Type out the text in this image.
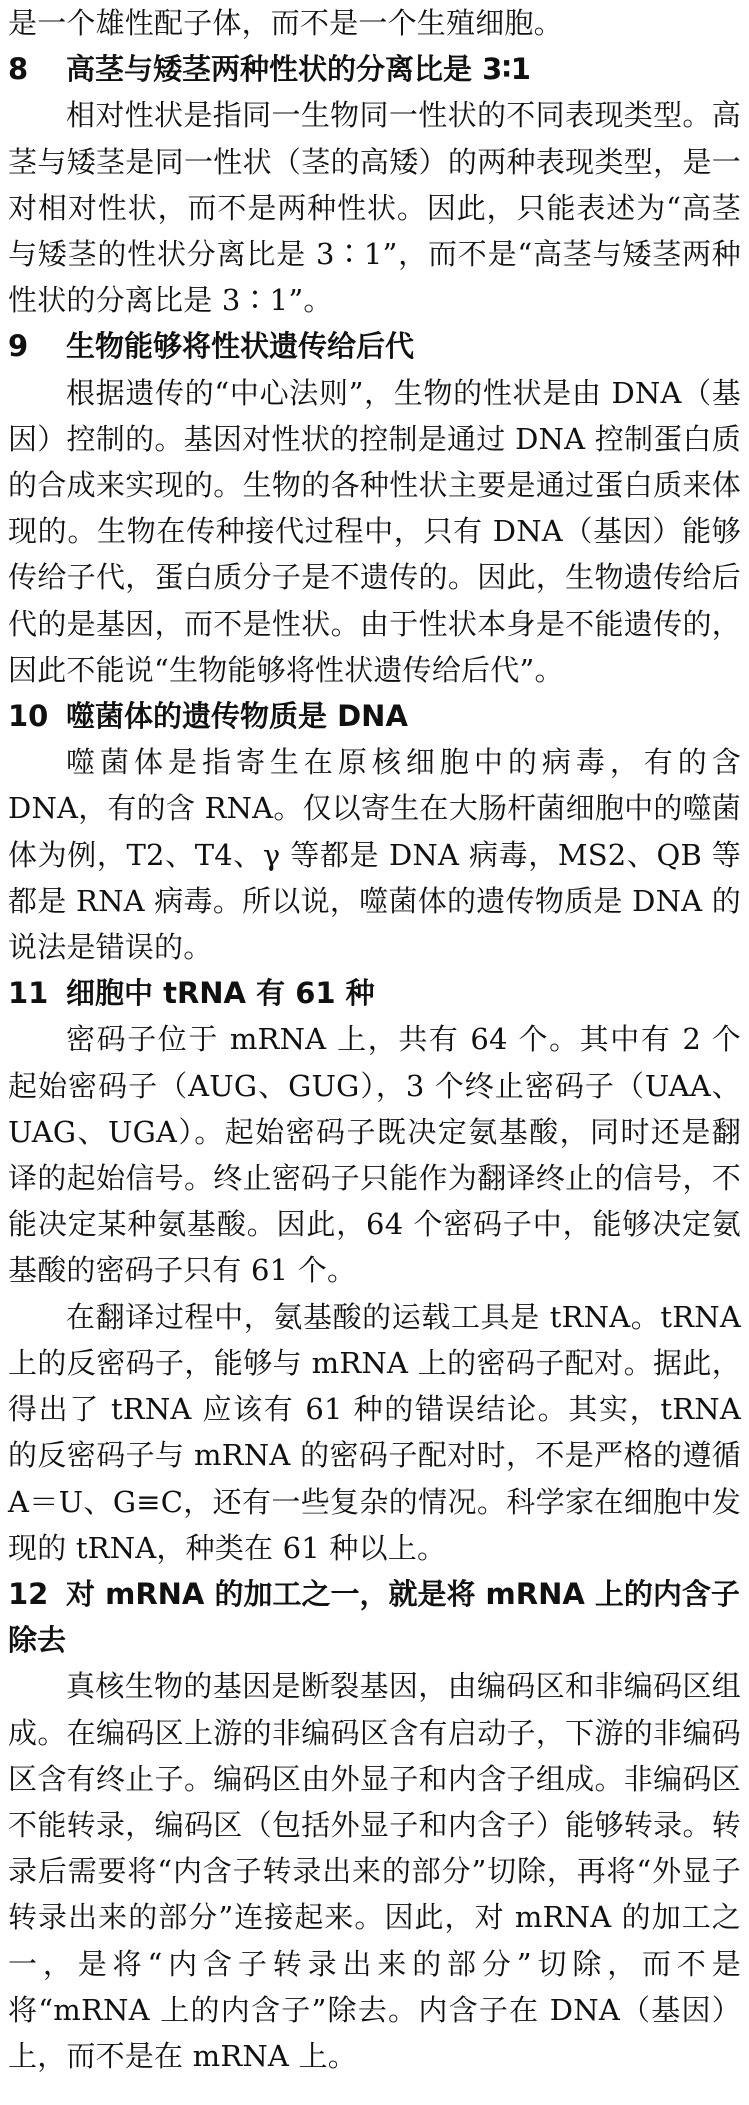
是一个雄性配子体，而不是一个生殖细胞。

8 高茎与矮茎两种性状的分离比是 3∶1

相对性状是指同一生物同一性状的不同表现类型。高茎与矮茎是同一性状（茎的高矮）的两种表现类型，是一对相对性状，而不是两种性状。因此，只能表述为“高茎与矮茎的性状分离比是 3∶1”，而不是“高茎与矮茎两种性状的分离比是 3∶1”。

9 生物能够将性状遗传给后代

根据遗传的“中心法则”，生物的性状是由 DNA（基因）控制的。基因对性状的控制是通过 DNA 控制蛋白质的合成来实现的。生物的各种性状主要是通过蛋白质来体现的。生物在传种接代过程中，只有 DNA（基因）能够传给子代，蛋白质分子是不遗传的。因此，生物遗传给后代的是基因，而不是性状。由于性状本身是不能遗传的，因此不能说“生物能够将性状遗传给后代”。

10 噬菌体的遗传物质是 DNA

噬菌体是指寄生在原核细胞中的病毒，有的含 DNA，有的含 RNA。仅以寄生在大肠杆菌细胞中的噬菌体为例，T2、T4、γ 等都是 DNA 病毒，MS2、QB 等都是 RNA 病毒。所以说，噬菌体的遗传物质是 DNA 的说法是错误的。

11 细胞中 tRNA 有 61 种

密码子位于 mRNA 上，共有 64 个。其中有 2 个起始密码子（AUG、GUG），3 个终止密码子（UAA、UAG、UGA）。起始密码子既决定氨基酸，同时还是翻译的起始信号。终止密码子只能作为翻译终止的信号，不能决定某种氨基酸。因此，64 个密码子中，能够决定氨基酸的密码子只有 61 个。

在翻译过程中，氨基酸的运载工具是 tRNA。tRNA 上的反密码子，能够与 mRNA 上的密码子配对。据此，得出了 tRNA 应该有 61 种的错误结论。其实，tRNA 的反密码子与 mRNA 的密码子配对时，不是严格的遵循 A＝U、G≡C，还有一些复杂的情况。科学家在细胞中发现的 tRNA，种类在 61 种以上。

12 对 mRNA 的加工之一，就是将 mRNA 上的内含子除去

真核生物的基因是断裂基因，由编码区和非编码区组成。在编码区上游的非编码区含有启动子，下游的非编码区含有终止子。编码区由外显子和内含子组成。非编码区不能转录，编码区（包括外显子和内含子）能够转录。转录后需要将“内含子转录出来的部分”切除，再将“外显子转录出来的部分”连接起来。因此，对 mRNA 的加工之一，是将“内含子转录出来的部分”切除，而不是将“mRNA 上的内含子”除去。内含子在 DNA（基因）上，而不是在 mRNA 上。
